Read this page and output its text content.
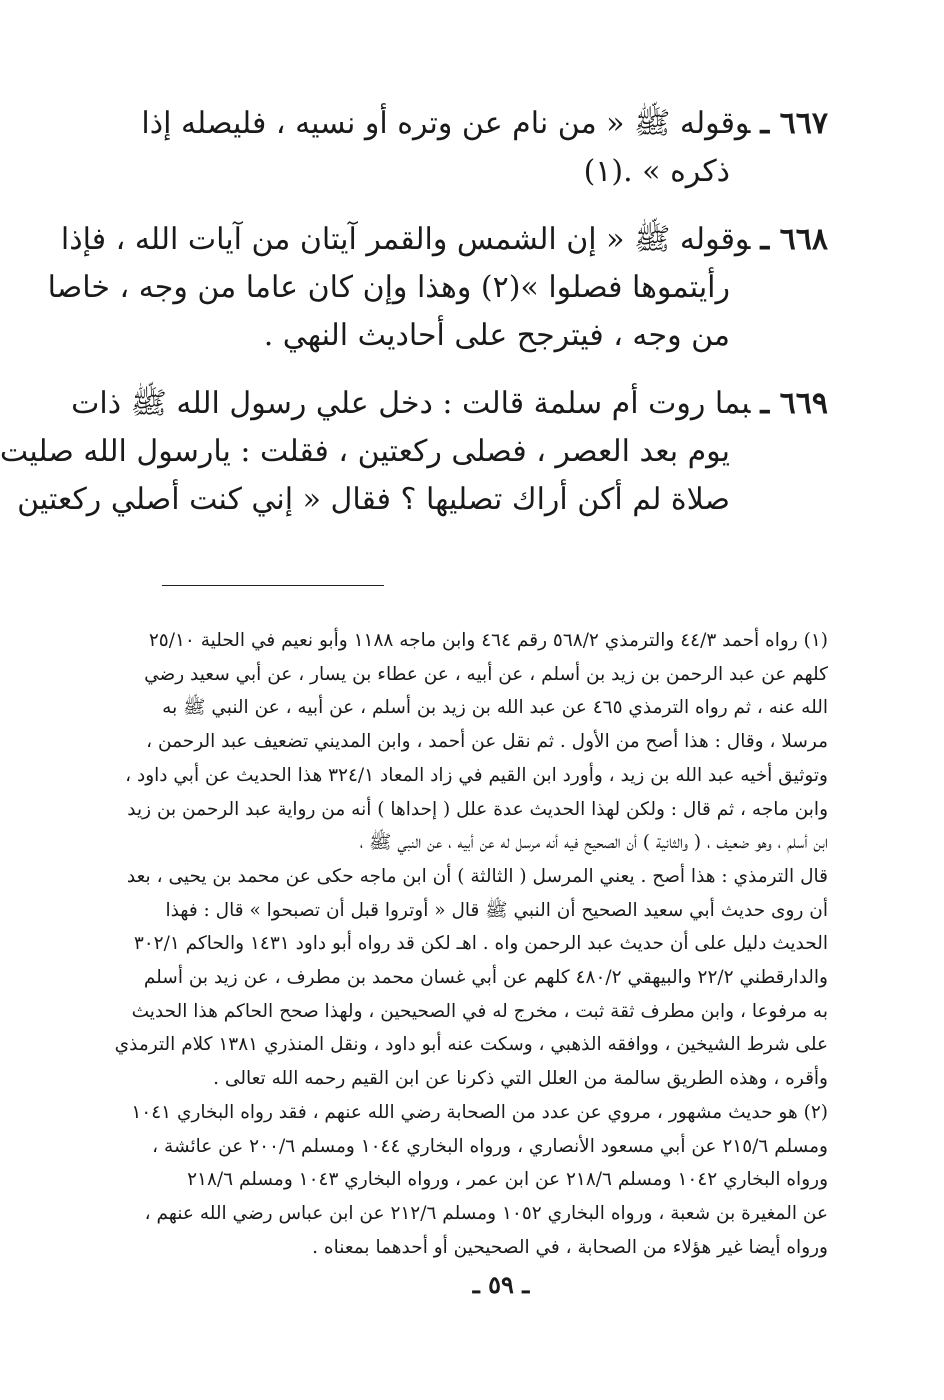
٦٦٧ ـوقوله ﷺ « من نام عن وتره أو نسيه ، فليصله إذا
ذكره » .(١)
٦٦٨ ـوقوله ﷺ « إن الشمس والقمر آيتان من آيات الله ، فإذا
رأيتموها فصلوا »(٢) وهذا وإن كان عاما من وجه ، خاصا
من وجه ، فيترجح على أحاديث النهي .
٦٦٩ ـبما روت أم سلمة قالت : دخل علي رسول الله ﷺ ذات
يوم بعد العصر ، فصلى ركعتين ، فقلت : يارسول الله صليت
صلاة لم أكن أراك تصليها ؟ فقال « إني كنت أصلي ركعتين
(١) رواه أحمد ٤٤/٣ والترمذي ٥٦٨/٢ رقم ٤٦٤ وابن ماجه ١١٨٨ وأبو نعيم في الحلية ٢٥/١٠
كلهم عن عبد الرحمن بن زيد بن أسلم ، عن أبيه ، عن عطاء بن يسار ، عن أبي سعيد رضي
الله عنه ، ثم رواه الترمذي ٤٦٥ عن عبد الله بن زيد بن أسلم ، عن أبيه ، عن النبي ﷺ به
مرسلا ، وقال : هذا أصح من الأول . ثم نقل عن أحمد ، وابن المديني تضعيف عبد الرحمن ،
وتوثيق أخيه عبد الله بن زيد ، وأورد ابن القيم في زاد المعاد ٣٢٤/١ هذا الحديث عن أبي داود ،
وابن ماجه ، ثم قال : ولكن لهذا الحديث عدة علل ( إحداها ) أنه من رواية عبد الرحمن بن زيد
ابن أسلم ، وهو ضعيف ، ( والثانية ) أن الصحيح فيه أنه مرسل له عن أبيه ، عن النبي ﷺ ،
قال الترمذي : هذا أصح . يعني المرسل ( الثالثة ) أن ابن ماجه حكى عن محمد بن يحيى ، بعد
أن روى حديث أبي سعيد الصحيح أن النبي ﷺ قال « أوتروا قبل أن تصبحوا » قال : فهذا
الحديث دليل على أن حديث عبد الرحمن واه . اهـ لكن قد رواه أبو داود ١٤٣١ والحاكم ٣٠٢/١
والدارقطني ٢٢/٢ والبيهقي ٤٨٠/٢ كلهم عن أبي غسان محمد بن مطرف ، عن زيد بن أسلم
به مرفوعا ، وابن مطرف ثقة ثبت ، مخرج له في الصحيحين ، ولهذا صحح الحاكم هذا الحديث
على شرط الشيخين ، ووافقه الذهبي ، وسكت عنه أبو داود ، ونقل المنذري ١٣٨١ كلام الترمذي
وأقره ، وهذه الطريق سالمة من العلل التي ذكرنا عن ابن القيم رحمه الله تعالى .
(٢) هو حديث مشهور ، مروي عن عدد من الصحابة رضي الله عنهم ، فقد رواه البخاري ١٠٤١
ومسلم ٢١٥/٦ عن أبي مسعود الأنصاري ، ورواه البخاري ١٠٤٤ ومسلم ٢٠٠/٦ عن عائشة ،
ورواه البخاري ١٠٤٢ ومسلم ٢١٨/٦ عن ابن عمر ، ورواه البخاري ١٠٤٣ ومسلم ٢١٨/٦
عن المغيرة بن شعبة ، ورواه البخاري ١٠٥٢ ومسلم ٢١٢/٦ عن ابن عباس رضي الله عنهم ،
ورواه أيضا غير هؤلاء من الصحابة ، في الصحيحين أو أحدهما بمعناه .
ـ ٥٩ ـ
